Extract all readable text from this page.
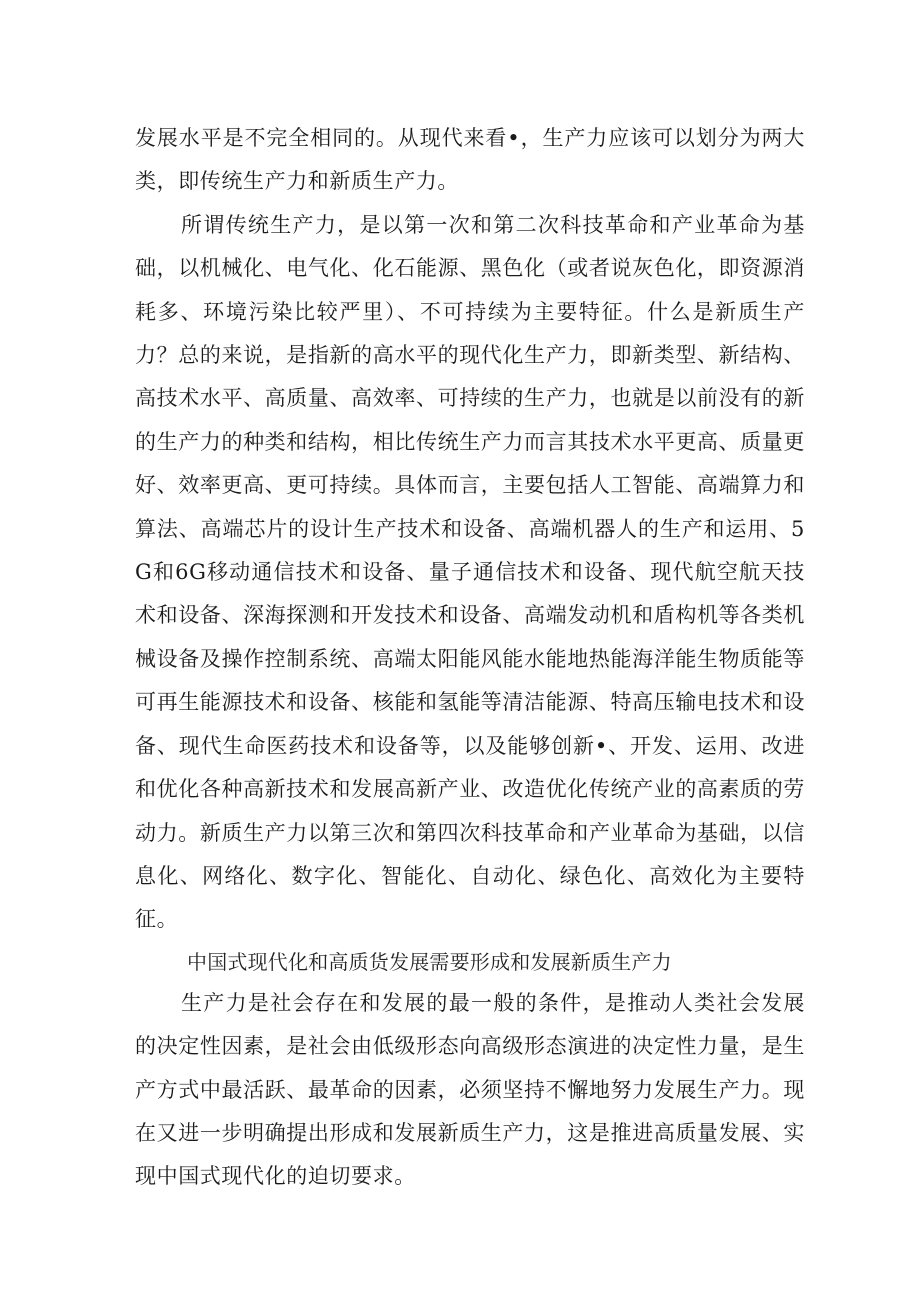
发展水平是不完全相同的。从现代来看•，生产力应该可以划分为两大类，即传统生产力和新质生产力。

所谓传统生产力，是以第一次和第二次科技革命和产业革命为基础，以机械化、电气化、化石能源、黑色化（或者说灰色化，即资源消耗多、环境污染比较严里）、不可持续为主要特征。什么是新质生产力？总的来说，是指新的高水平的现代化生产力，即新类型、新结构、高技术水平、高质量、高效率、可持续的生产力，也就是以前没有的新的生产力的种类和结构，相比传统生产力而言其技术水平更高、质量更好、效率更高、更可持续。具体而言，主要包括人工智能、高端算力和算法、高端芯片的设计生产技术和设备、高端机器人的生产和运用、5G和6G移动通信技术和设备、量子通信技术和设备、现代航空航天技术和设备、深海探测和开发技术和设备、高端发动机和盾构机等各类机械设备及操作控制系统、高端太阳能风能水能地热能海洋能生物质能等可再生能源技术和设备、核能和氢能等清洁能源、特高压输电技术和设备、现代生命医药技术和设备等，以及能够创新•、开发、运用、改进和优化各种高新技术和发展高新产业、改造优化传统产业的高素质的劳动力。新质生产力以第三次和第四次科技革命和产业革命为基础，以信息化、网络化、数字化、智能化、自动化、绿色化、高效化为主要特征。

中国式现代化和高质货发展需要形成和发展新质生产力

生产力是社会存在和发展的最一般的条件，是推动人类社会发展的决定性因素，是社会由低级形态向高级形态演进的决定性力量，是生产方式中最活跃、最革命的因素，必须坚持不懈地努力发展生产力。现在又进一步明确提出形成和发展新质生产力，这是推进高质量发展、实现中国式现代化的迫切要求。
